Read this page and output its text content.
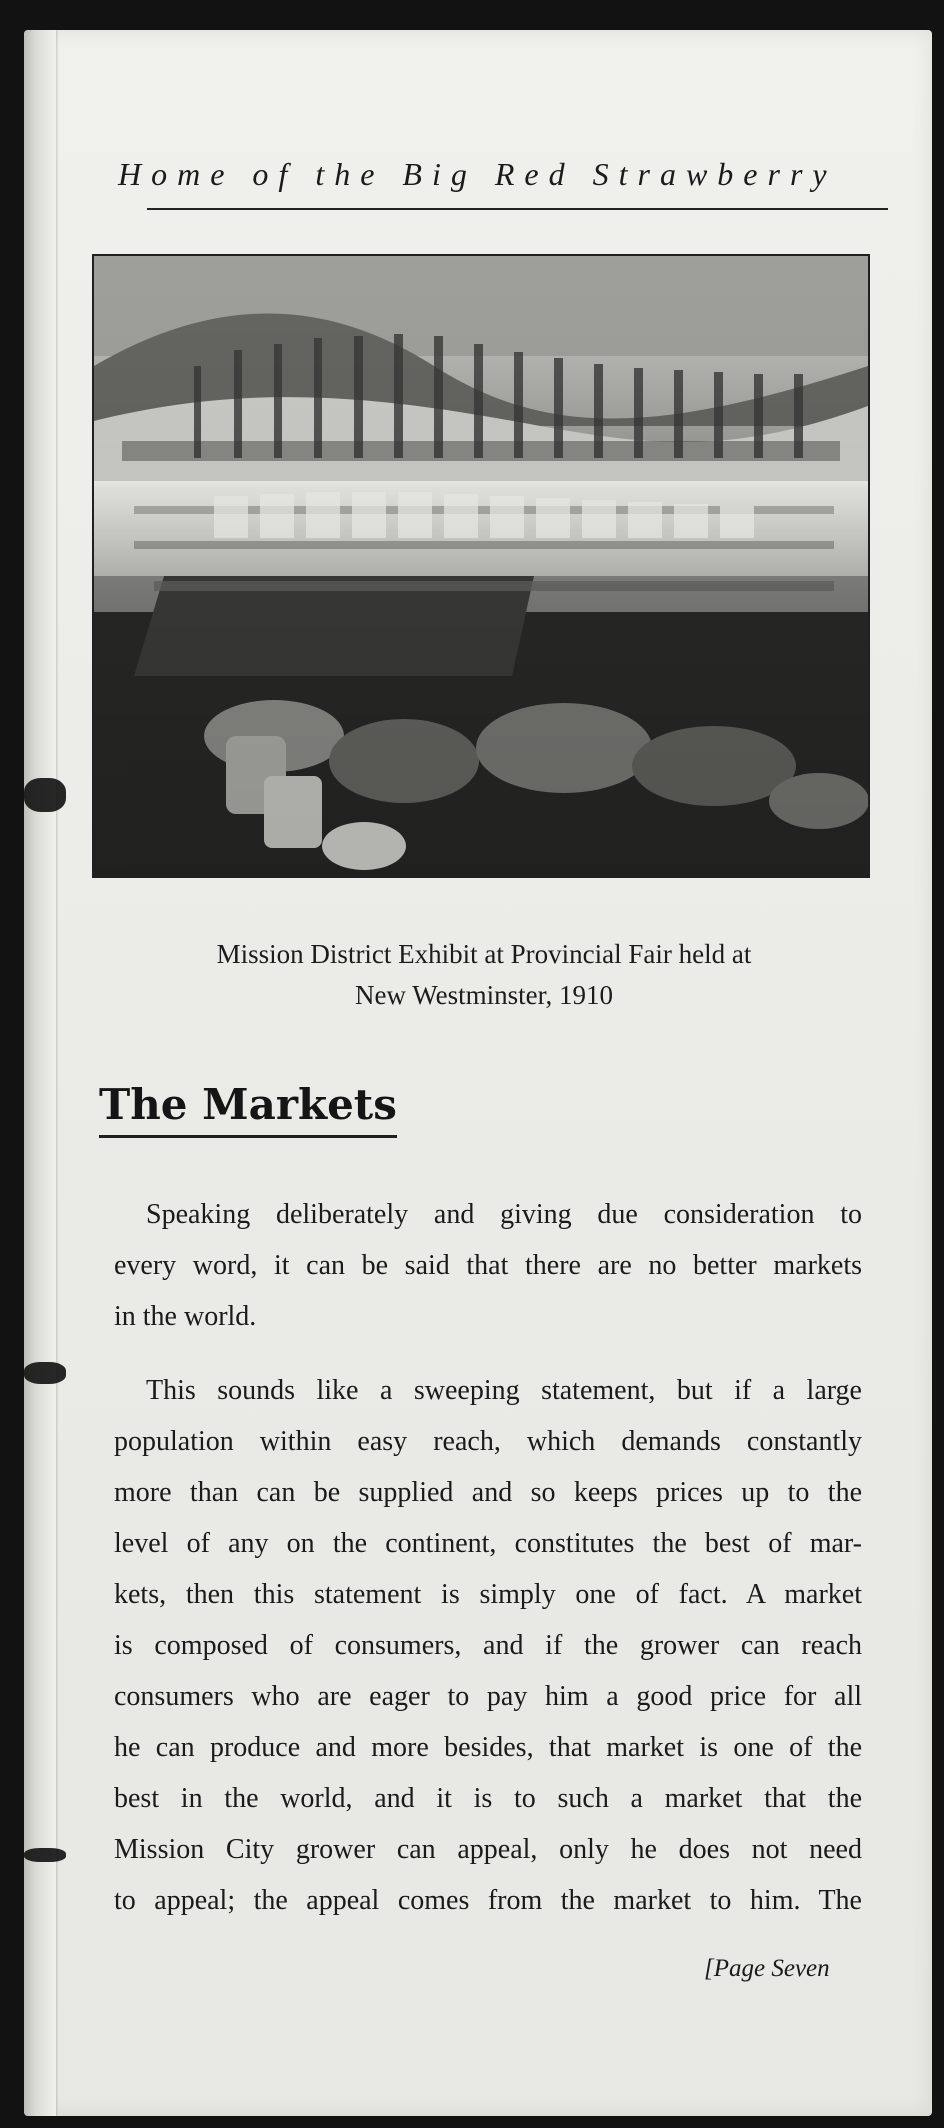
Home of the Big Red Strawberry
Mission District Exhibit at Provincial Fair held at
New Westminster, 1910
The Markets
Speaking deliberately and giving due consideration to
every word, it can be said that there are no better markets
in the world.
This sounds like a sweeping statement, but if a large
population within easy reach, which demands constantly
more than can be supplied and so keeps prices up to the
level of any on the continent, constitutes the best of mar-
kets, then this statement is simply one of fact. A market
is composed of consumers, and if the grower can reach
consumers who are eager to pay him a good price for all
he can produce and more besides, that market is one of the
best in the world, and it is to such a market that the
Mission City grower can appeal, only he does not need
to appeal; the appeal comes from the market to him. The
[Page Seven
